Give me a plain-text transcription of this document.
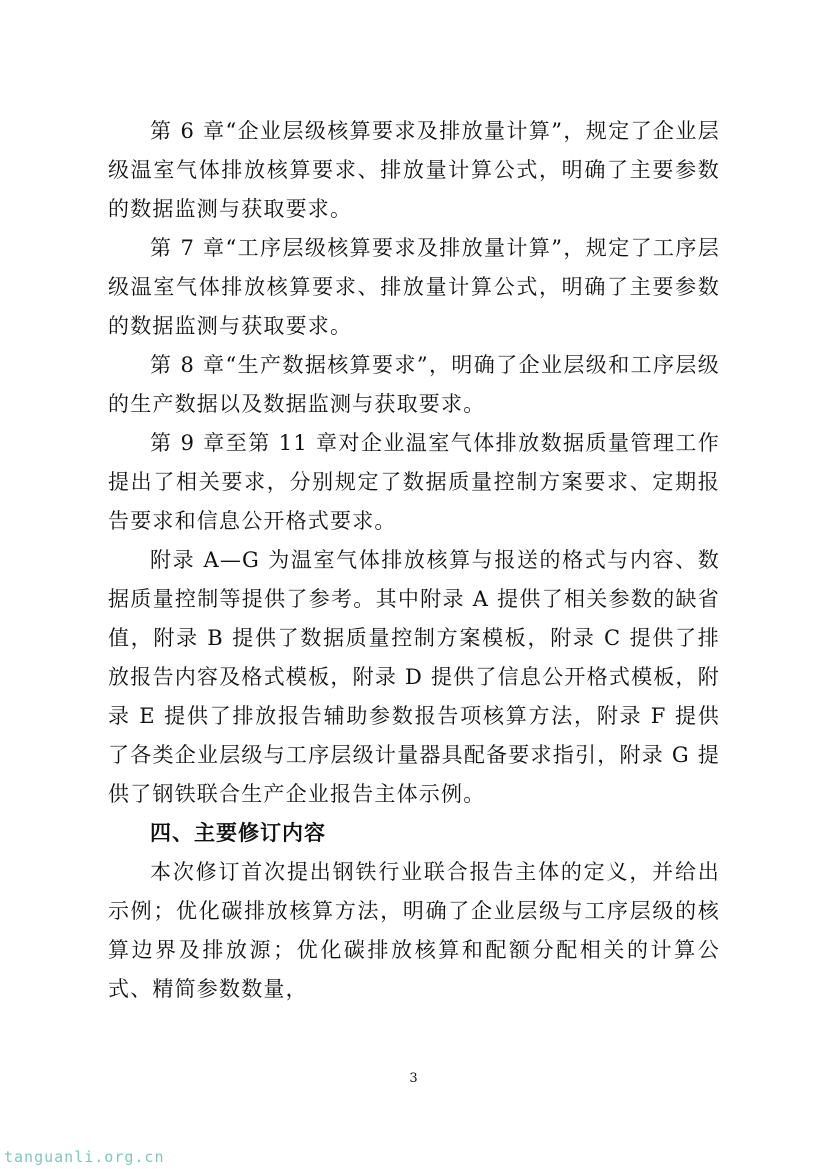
第 6 章“企业层级核算要求及排放量计算”，规定了企业层级温室气体排放核算要求、排放量计算公式，明确了主要参数的数据监测与获取要求。

第 7 章“工序层级核算要求及排放量计算”，规定了工序层级温室气体排放核算要求、排放量计算公式，明确了主要参数的数据监测与获取要求。

第 8 章“生产数据核算要求”，明确了企业层级和工序层级的生产数据以及数据监测与获取要求。

第 9 章至第 11 章对企业温室气体排放数据质量管理工作提出了相关要求，分别规定了数据质量控制方案要求、定期报告要求和信息公开格式要求。

附录 A—G 为温室气体排放核算与报送的格式与内容、数据质量控制等提供了参考。其中附录 A 提供了相关参数的缺省值，附录 B 提供了数据质量控制方案模板，附录 C 提供了排放报告内容及格式模板，附录 D 提供了信息公开格式模板，附录 E 提供了排放报告辅助参数报告项核算方法，附录 F 提供了各类企业层级与工序层级计量器具配备要求指引，附录 G 提供了钢铁联合生产企业报告主体示例。

四、主要修订内容

本次修订首次提出钢铁行业联合报告主体的定义，并给出示例；优化碳排放核算方法，明确了企业层级与工序层级的核算边界及排放源；优化碳排放核算和配额分配相关的计算公式、精简参数数量，

3
tanguanli.org.cn
